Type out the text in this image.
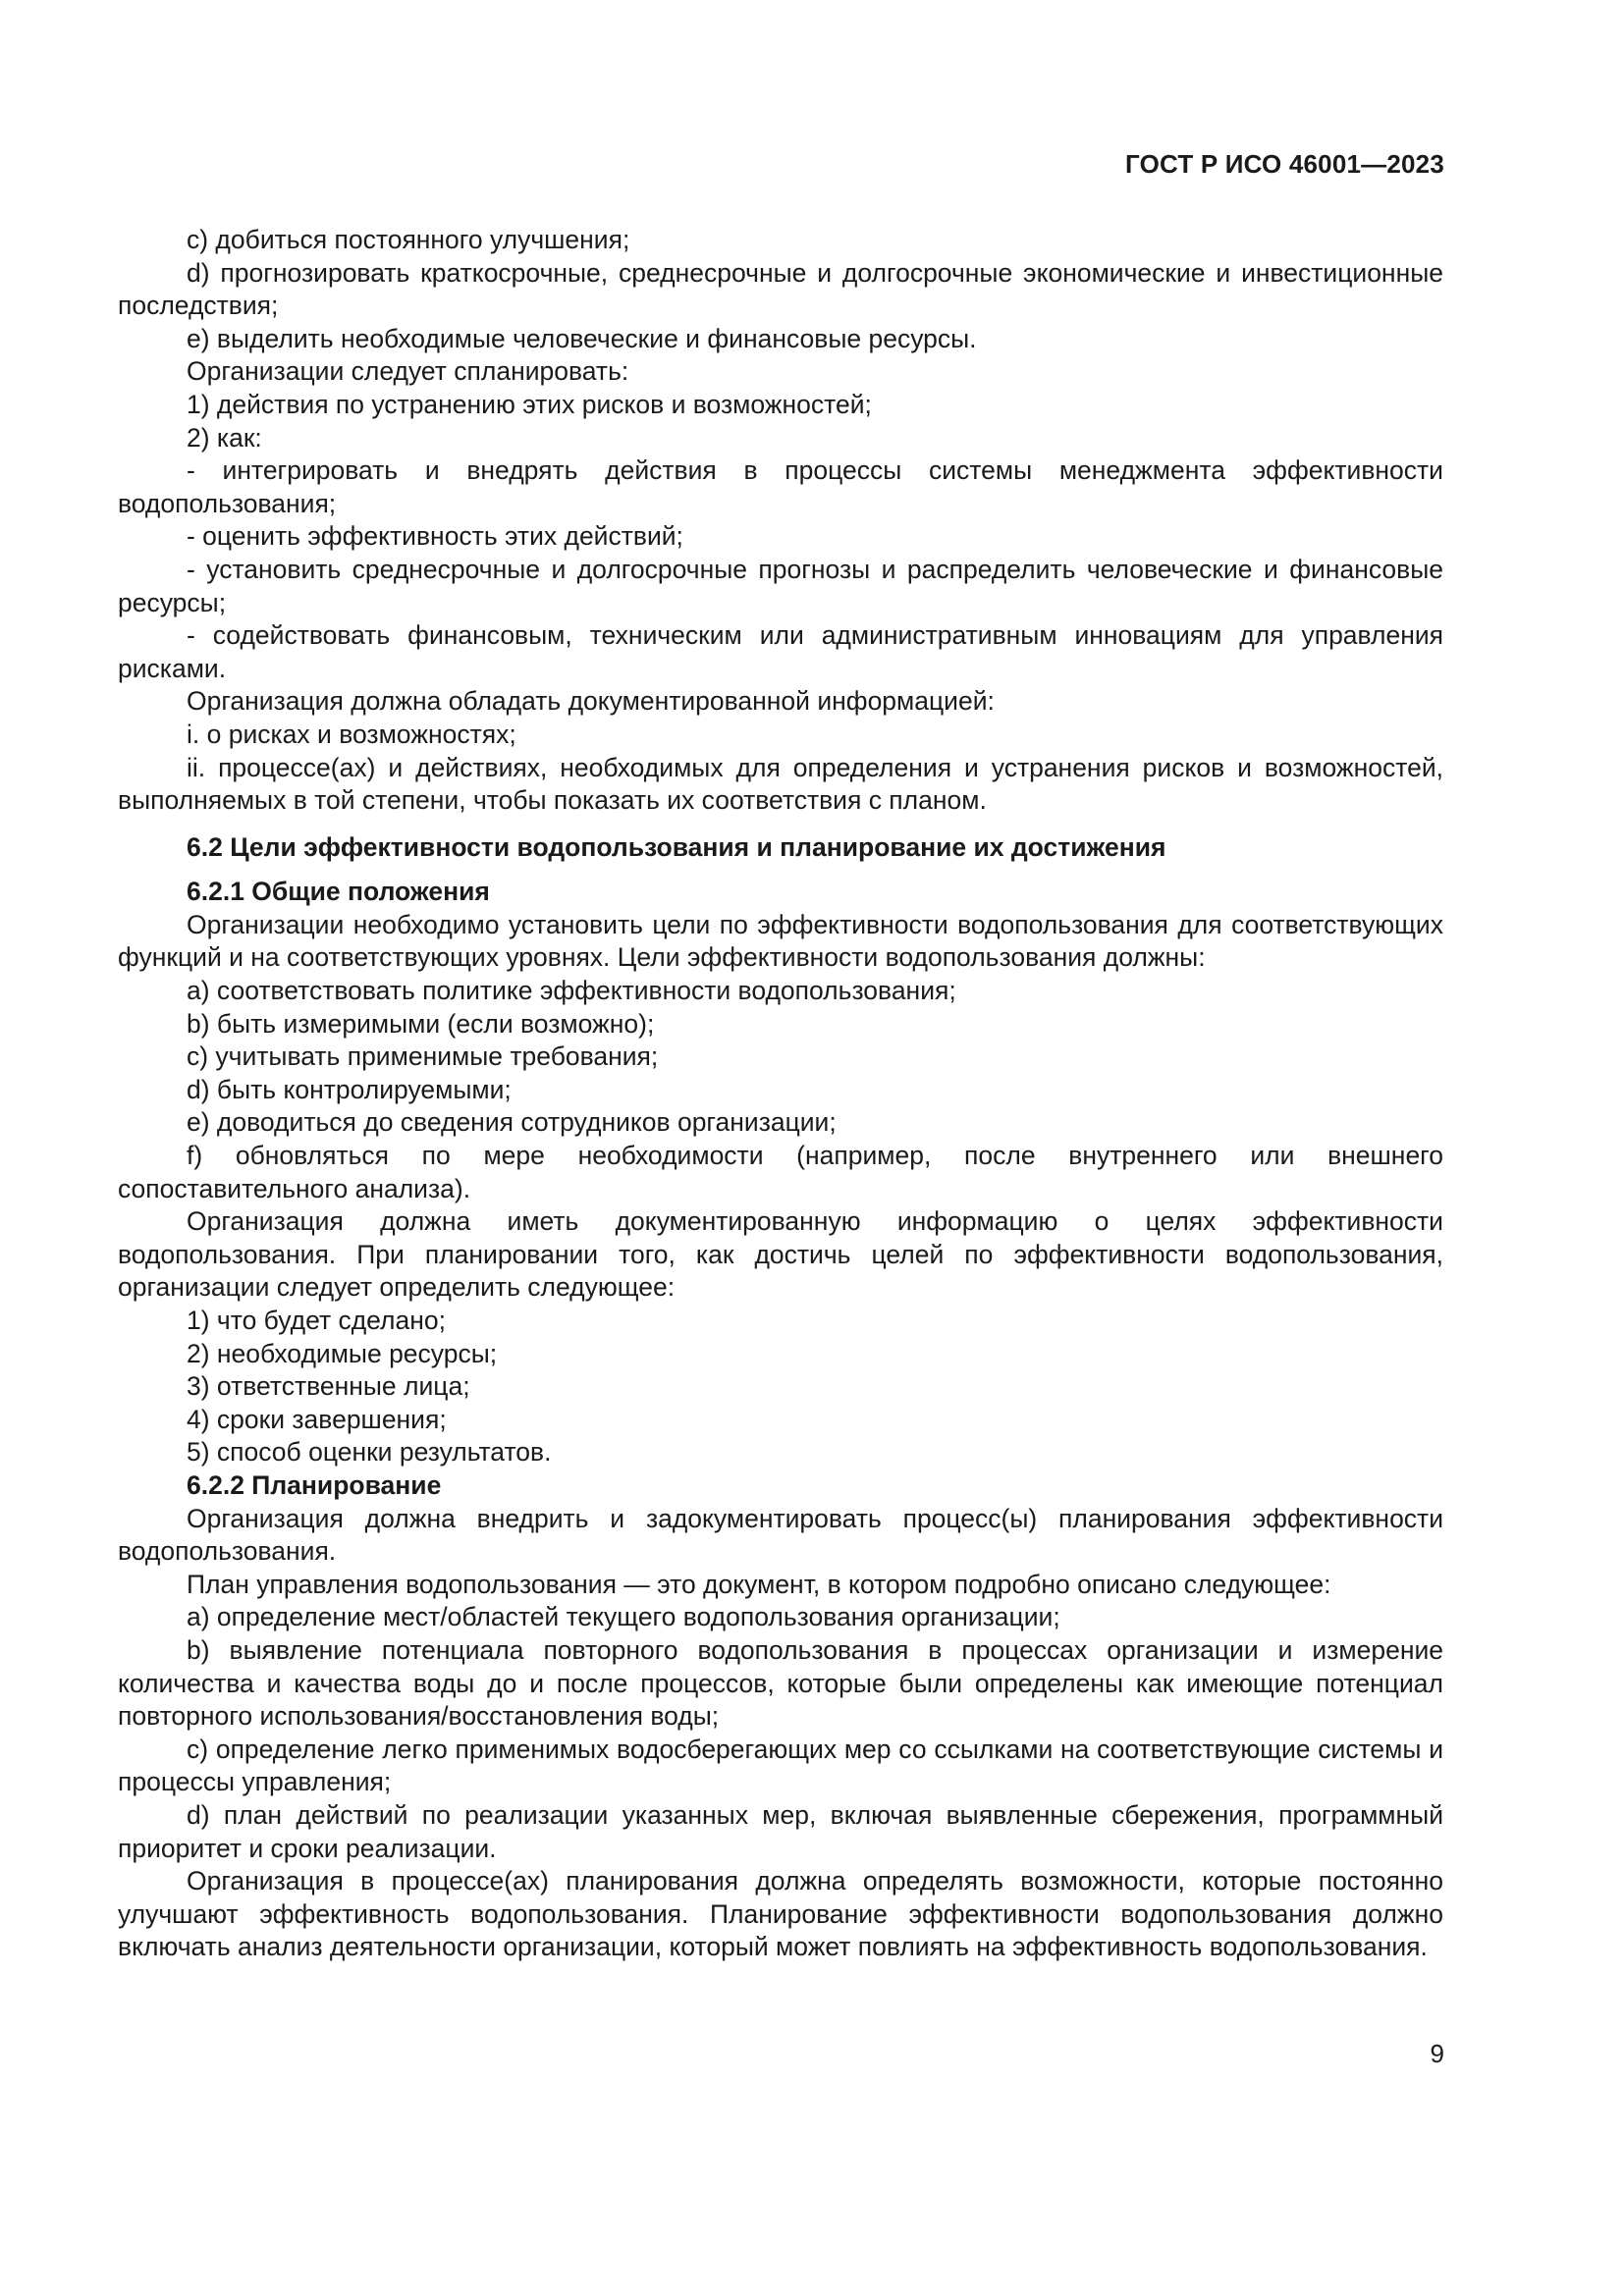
ГОСТ Р ИСО 46001—2023

с) добиться постоянного улучшения;

d) прогнозировать краткосрочные, среднесрочные и долгосрочные экономические и инвестиционные последствия;

е) выделить необходимые человеческие и финансовые ресурсы.

Организации следует спланировать:

1) действия по устранению этих рисков и возможностей;

2) как:

- интегрировать и внедрять действия в процессы системы менеджмента эффективности водопользования;

- оценить эффективность этих действий;

- установить среднесрочные и долгосрочные прогнозы и распределить человеческие и финансовые ресурсы;

- содействовать финансовым, техническим или административным инновациям для управления рисками.

Организация должна обладать документированной информацией:

i. о рисках и возможностях;

ii. процессе(ах) и действиях, необходимых для определения и устранения рисков и возможностей, выполняемых в той степени, чтобы показать их соответствия с планом.

6.2 Цели эффективности водопользования и планирование их достижения

6.2.1 Общие положения

Организации необходимо установить цели по эффективности водопользования для соответствующих функций и на соответствующих уровнях. Цели эффективности водопользования должны:

а) соответствовать политике эффективности водопользования;

b) быть измеримыми (если возможно);

с) учитывать применимые требования;

d) быть контролируемыми;

е) доводиться до сведения сотрудников организации;

f) обновляться по мере необходимости (например, после внутреннего или внешнего сопоставительного анализа).

Организация должна иметь документированную информацию о целях эффективности водопользования. При планировании того, как достичь целей по эффективности водопользования, организации следует определить следующее:

1) что будет сделано;

2) необходимые ресурсы;

3) ответственные лица;

4) сроки завершения;

5) способ оценки результатов.

6.2.2 Планирование

Организация должна внедрить и задокументировать процесс(ы) планирования эффективности водопользования.

План управления водопользования — это документ, в котором подробно описано следующее:

а) определение мест/областей текущего водопользования организации;

b) выявление потенциала повторного водопользования в процессах организации и измерение количества и качества воды до и после процессов, которые были определены как имеющие потенциал повторного использования/восстановления воды;

с) определение легко применимых водосберегающих мер со ссылками на соответствующие системы и процессы управления;

d) план действий по реализации указанных мер, включая выявленные сбережения, программный приоритет и сроки реализации.

Организация в процессе(ах) планирования должна определять возможности, которые постоянно улучшают эффективность водопользования. Планирование эффективности водопользования должно включать анализ деятельности организации, который может повлиять на эффективность водопользования.

9
